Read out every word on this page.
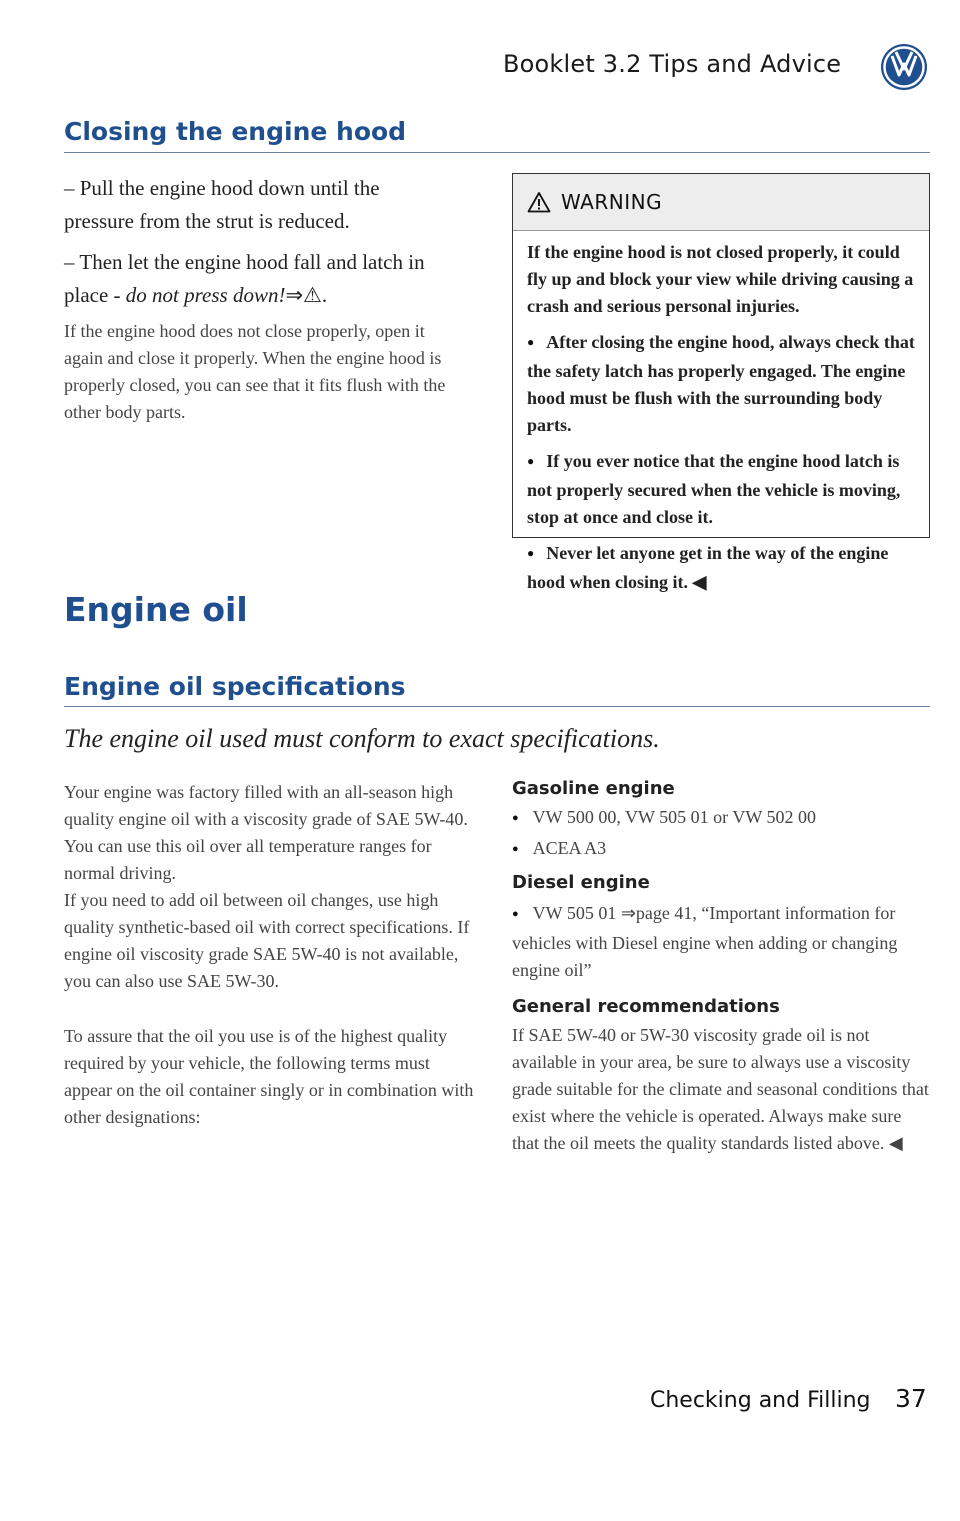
Booklet 3.2 Tips and Advice
Closing the engine hood
– Pull the engine hood down until the pressure from the strut is reduced.
– Then let the engine hood fall and latch in place - do not press down!⇒⚠.
If the engine hood does not close properly, open it again and close it properly. When the engine hood is properly closed, you can see that it fits flush with the other body parts.
WARNING

If the engine hood is not closed properly, it could fly up and block your view while driving causing a crash and serious personal injuries.

● After closing the engine hood, always check that the safety latch has properly engaged. The engine hood must be flush with the surrounding body parts.

● If you ever notice that the engine hood latch is not properly secured when the vehicle is moving, stop at once and close it.

● Never let anyone get in the way of the engine hood when closing it. ◀

Engine oil
Engine oil specifications
The engine oil used must conform to exact specifications.
Your engine was factory filled with an all-season high quality engine oil with a viscosity grade of SAE 5W-40. You can use this oil over all temperature ranges for normal driving.
If you need to add oil between oil changes, use high quality synthetic-based oil with correct specifications. If engine oil viscosity grade SAE 5W-40 is not available, you can also use SAE 5W-30.
To assure that the oil you use is of the highest quality required by your vehicle, the following terms must appear on the oil container singly or in combination with other designations:
Gasoline engine
● VW 500 00, VW 505 01 or VW 502 00
● ACEA A3
Diesel engine
● VW 505 01 ⇒page 41, “Important information for vehicles with Diesel engine when adding or changing engine oil”
General recommendations
If SAE 5W-40 or 5W-30 viscosity grade oil is not available in your area, be sure to always use a viscosity grade suitable for the climate and seasonal conditions that exist where the vehicle is operated. Always make sure that the oil meets the quality standards listed above. ◀
Checking and Filling 37
